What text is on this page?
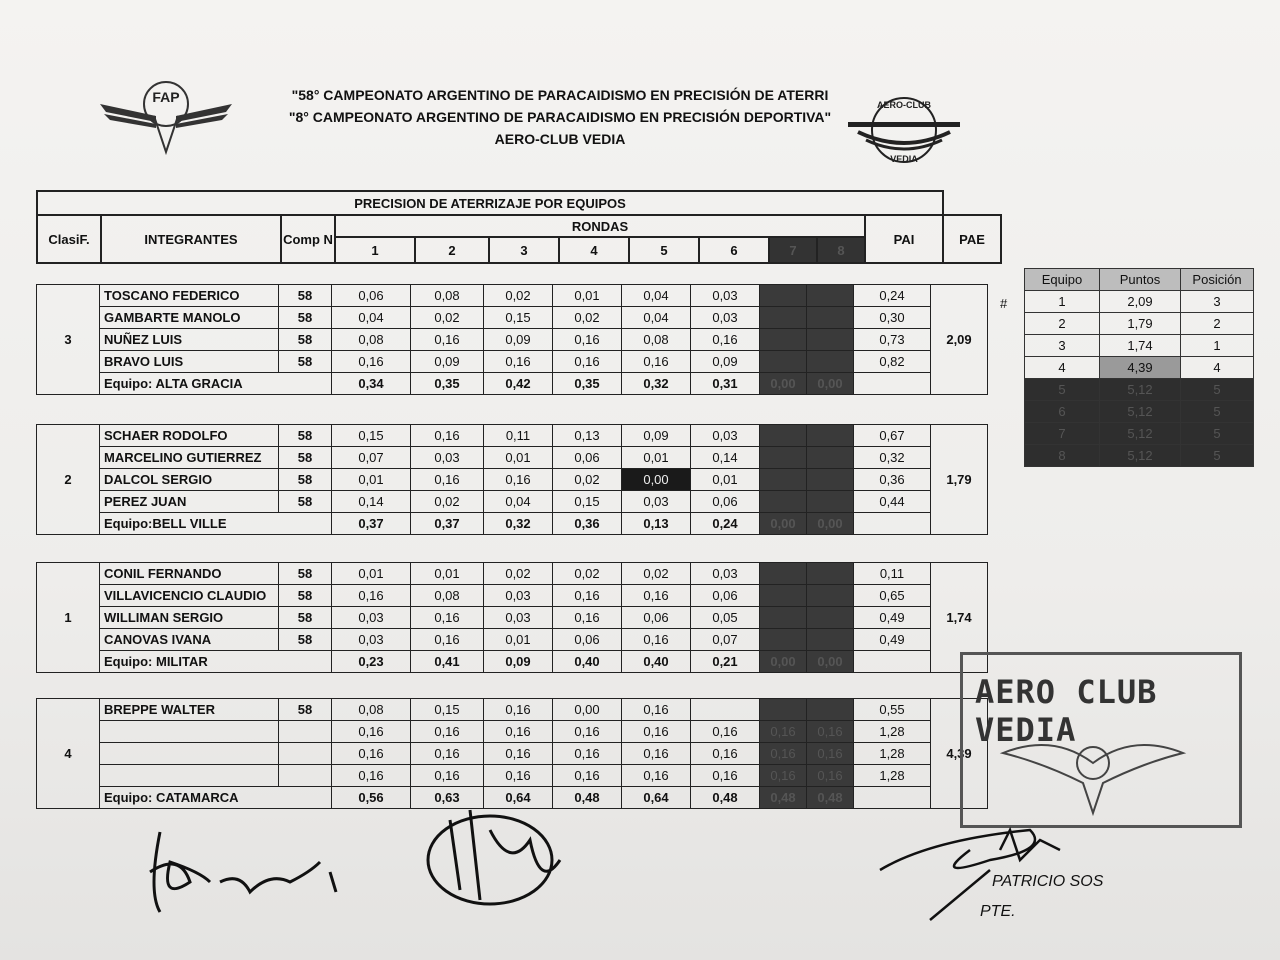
FAP	"58° CAMPEONATO ARGENTINO DE PARACAIDISMO EN PRECISIÓN DE ATERRI
"8° CAMPEONATO ARGENTINO DE PARACAIDISMO EN PRECISIÓN DEPORTIVA"
AERO-CLUB VEDIA
AERO-CLUB
VEDIA
PRECISION DE ATERRIZAJE POR EQUIPOS												
ClasiF.	INTEGRANTES	Comp N	RONDAS								PAI	PAE
			1	2	3	4	5	6	7	8		
#
3	TOSCANO FEDERICO	58	0,06	0,08	0,02	0,01	0,04	0,03			0,24	2,09
	GAMBARTE MANOLO	58	0,04	0,02	0,15	0,02	0,04	0,03			0,30	
	NUÑEZ LUIS	58	0,08	0,16	0,09	0,16	0,08	0,16			0,73	
	BRAVO LUIS	58	0,16	0,09	0,16	0,16	0,16	0,09			0,82	
	Equipo: ALTA GRACIA		0,34	0,35	0,42	0,35	0,32	0,31	0,00	0,00		
2	SCHAER RODOLFO	58	0,15	0,16	0,11	0,13	0,09	0,03			0,67	1,79
	MARCELINO GUTIERREZ	58	0,07	0,03	0,01	0,06	0,01	0,14			0,32	
	DALCOL SERGIO	58	0,01	0,16	0,16	0,02	0,00	0,01			0,36	
	PEREZ JUAN	58	0,14	0,02	0,04	0,15	0,03	0,06			0,44	
	Equipo:BELL VILLE		0,37	0,37	0,32	0,36	0,13	0,24	0,00	0,00		
1	CONIL FERNANDO	58	0,01	0,01	0,02	0,02	0,02	0,03			0,11	1,74
	VILLAVICENCIO CLAUDIO	58	0,16	0,08	0,03	0,16	0,16	0,06			0,65	
	WILLIMAN SERGIO	58	0,03	0,16	0,03	0,16	0,06	0,05			0,49	
	CANOVAS IVANA	58	0,03	0,16	0,01	0,06	0,16	0,07			0,49	
	Equipo: MILITAR		0,23	0,41	0,09	0,40	0,40	0,21	0,00	0,00		
4	BREPPE WALTER	58	0,08	0,15	0,16	0,00	0,16				0,55	4,39
			0,16	0,16	0,16	0,16	0,16	0,16	0,16	0,16	1,28	
			0,16	0,16	0,16	0,16	0,16	0,16	0,16	0,16	1,28	
			0,16	0,16	0,16	0,16	0,16	0,16	0,16	0,16	1,28	
	Equipo: CATAMARCA		0,56	0,63	0,64	0,48	0,64	0,48	0,48	0,48		
Equipo	Puntos	Posición
1	2,09	3
2	1,79	2
3	1,74	1
4	4,39	4
5	5,12	5
6	5,12	5
7	5,12	5
8	5,12	5
AERO CLUB VEDIA
PATRICIO SOS
PTE.
